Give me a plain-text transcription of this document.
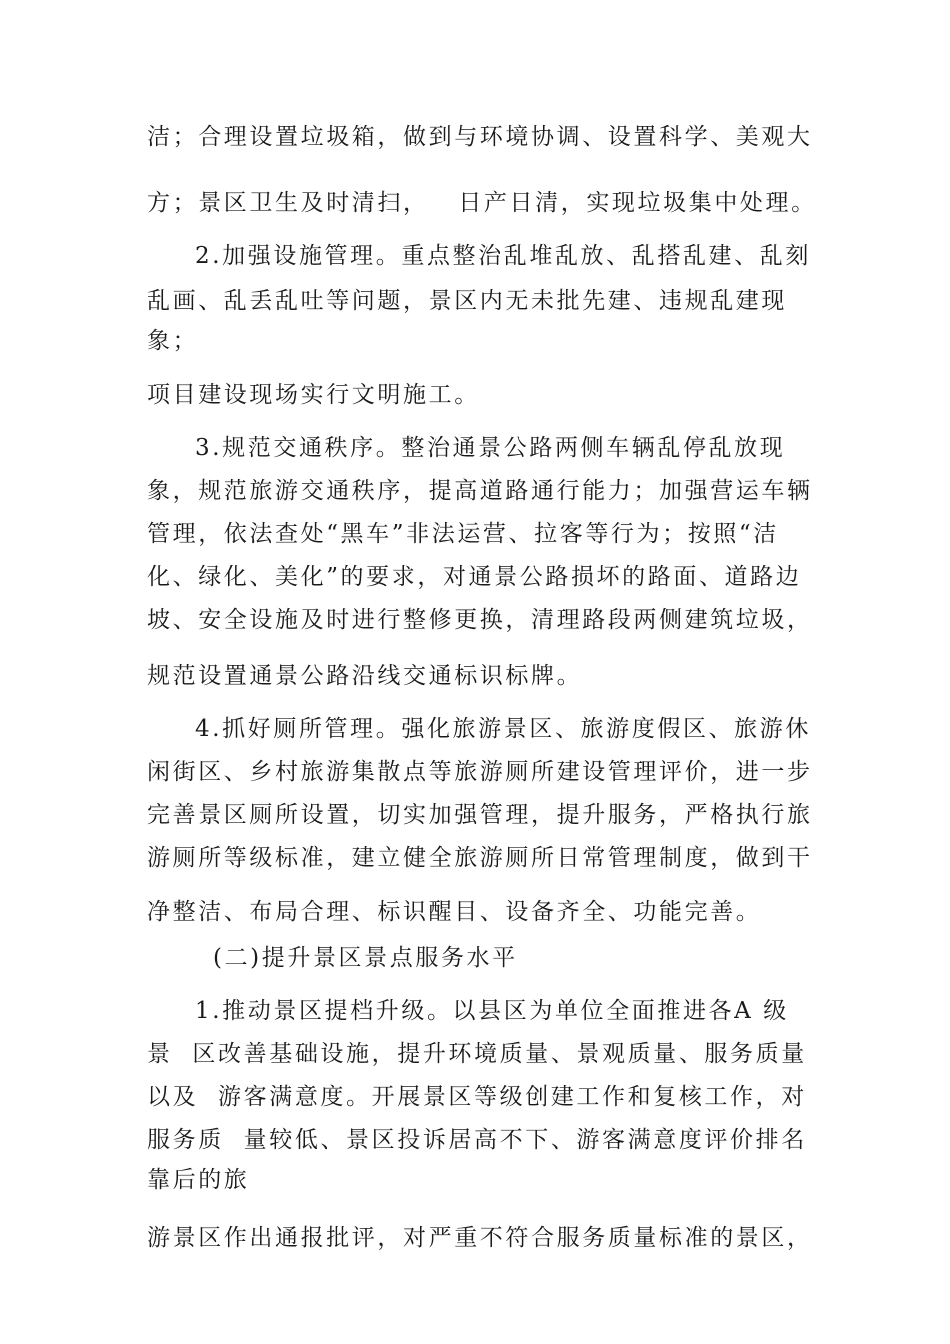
洁；合理设置垃圾箱，做到与环境协调、设置科学、美观大
方；景区卫生及时清扫，   日产日清，实现垃圾集中处理。
2.加强设施管理。重点整治乱堆乱放、乱搭乱建、乱刻
乱画、乱丢乱吐等问题，景区内无未批先建、违规乱建现
象；
项目建设现场实行文明施工。
3.规范交通秩序。整治通景公路两侧车辆乱停乱放现
象，规范旅游交通秩序，提高道路通行能力；加强营运车辆
管理，依法查处“黑车”非法运营、拉客等行为；按照“洁
化、绿化、美化”的要求，对通景公路损坏的路面、道路边
坡、安全设施及时进行整修更换，清理路段两侧建筑垃圾，
规范设置通景公路沿线交通标识标牌。
4.抓好厕所管理。强化旅游景区、旅游度假区、旅游休
闲街区、乡村旅游集散点等旅游厕所建设管理评价，进一步
完善景区厕所设置，切实加强管理，提升服务，严格执行旅
游厕所等级标准，建立健全旅游厕所日常管理制度，做到干
净整洁、布局合理、标识醒目、设备齐全、功能完善。
(二)提升景区景点服务水平
1.推动景区提档升级。以县区为单位全面推进各A 级
景  区改善基础设施，提升环境质量、景观质量、服务质量
以及  游客满意度。开展景区等级创建工作和复核工作，对
服务质  量较低、景区投诉居高不下、游客满意度评价排名
靠后的旅
游景区作出通报批评，对严重不符合服务质量标准的景区，
